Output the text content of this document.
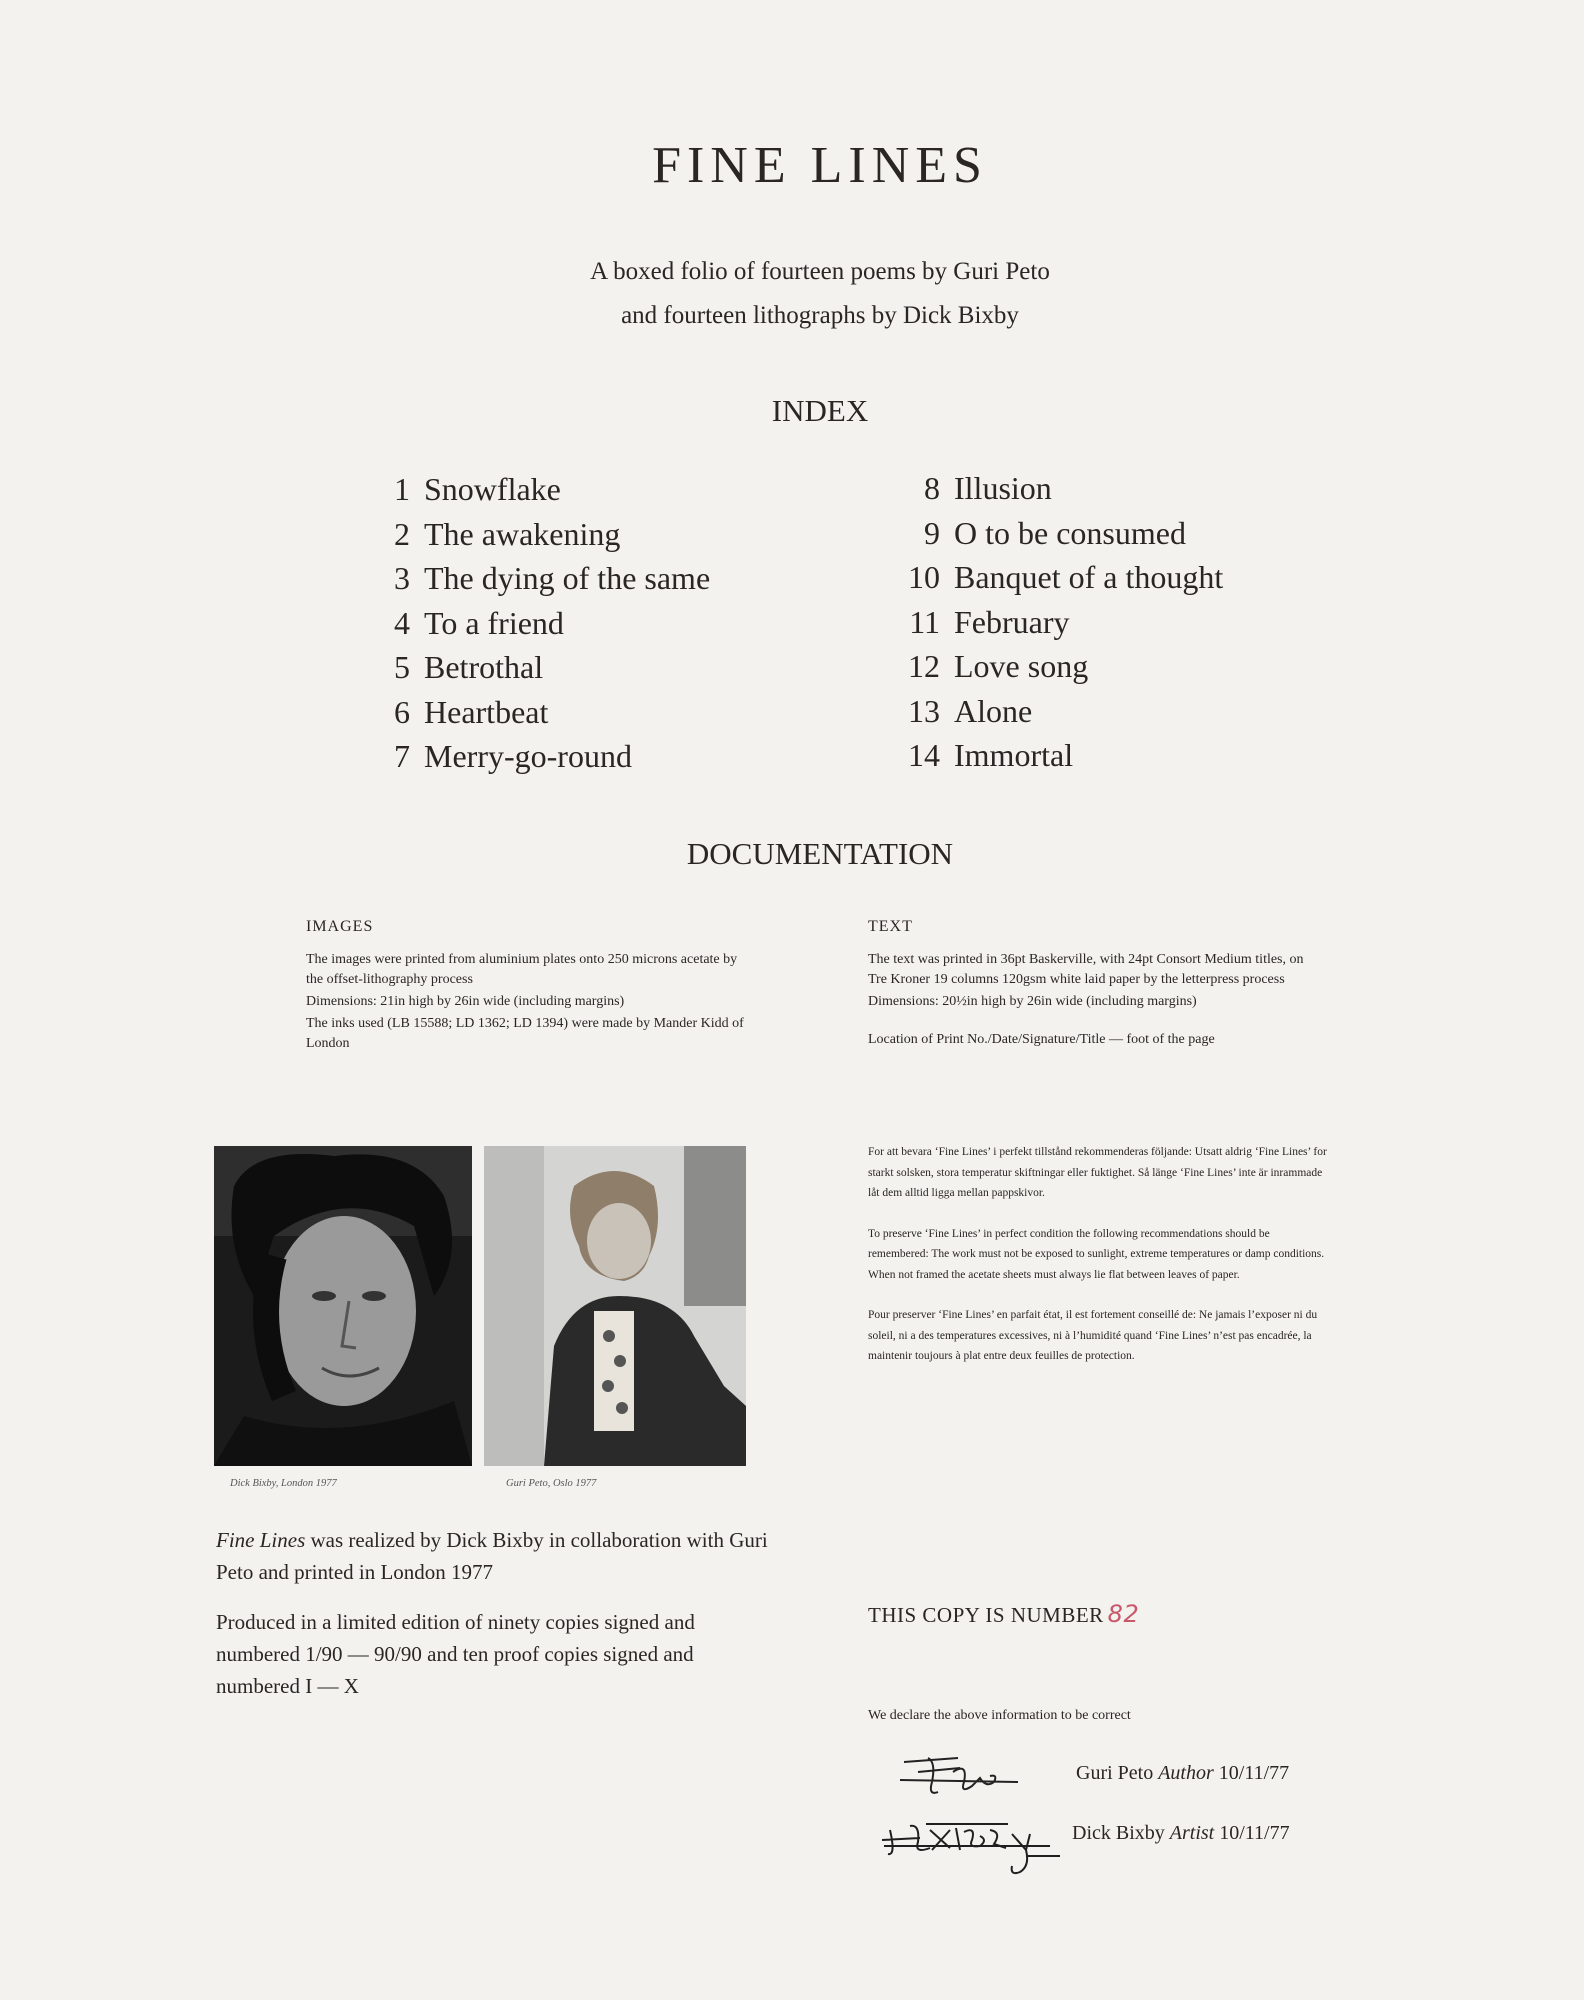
FINE LINES
A boxed folio of fourteen poems by Guri Peto
and fourteen lithographs by Dick Bixby
INDEX
1 Snowflake
2 The awakening
3 The dying of the same
4 To a friend
5 Betrothal
6 Heartbeat
7 Merry-go-round
8 Illusion
9 O to be consumed
10 Banquet of a thought
11 February
12 Love song
13 Alone
14 Immortal
DOCUMENTATION
IMAGES

The images were printed from aluminium plates onto 250 microns acetate by the offset-lithography process

Dimensions: 21in high by 26in wide (including margins)

The inks used (LB 15588; LD 1362; LD 1394) were made by Mander Kidd of London

TEXT

The text was printed in 36pt Baskerville, with 24pt Consort Medium titles, on Tre Kroner 19 columns 120gsm white laid paper by the letterpress process

Dimensions: 20½in high by 26in wide (including margins)

Location of Print No./Date/Signature/Title — foot of the page

Dick Bixby, London 1977	Guri Peto, Oslo 1977

For att bevara ‘Fine Lines’ i perfekt tillstånd rekommenderas följande: Utsatt aldrig ‘Fine Lines’ for starkt solsken, stora temperatur skiftningar eller fuktighet. Så länge ‘Fine Lines’ inte är inrammade låt dem alltid ligga mellan pappskivor.

To preserve ‘Fine Lines’ in perfect condition the following recommendations should be remembered: The work must not be exposed to sunlight, extreme temperatures or damp conditions. When not framed the acetate sheets must always lie flat between leaves of paper.

Pour preserver ‘Fine Lines’ en parfait état, il est fortement conseillé de: Ne jamais l’exposer ni du soleil, ni a des temperatures excessives, ni à l’humidité quand ‘Fine Lines’ n’est pas encadrée, la maintenir toujours à plat entre deux feuilles de protection.

Fine Lines was realized by Dick Bixby in collaboration with Guri Peto and printed in London 1977

Produced in a limited edition of ninety copies signed and numbered 1/90 — 90/90 and ten proof copies signed and numbered I — X

THIS COPY IS NUMBER 82
We declare the above information to be correct
Guri Peto Author 10/11/77
Dick Bixby Artist 10/11/77
